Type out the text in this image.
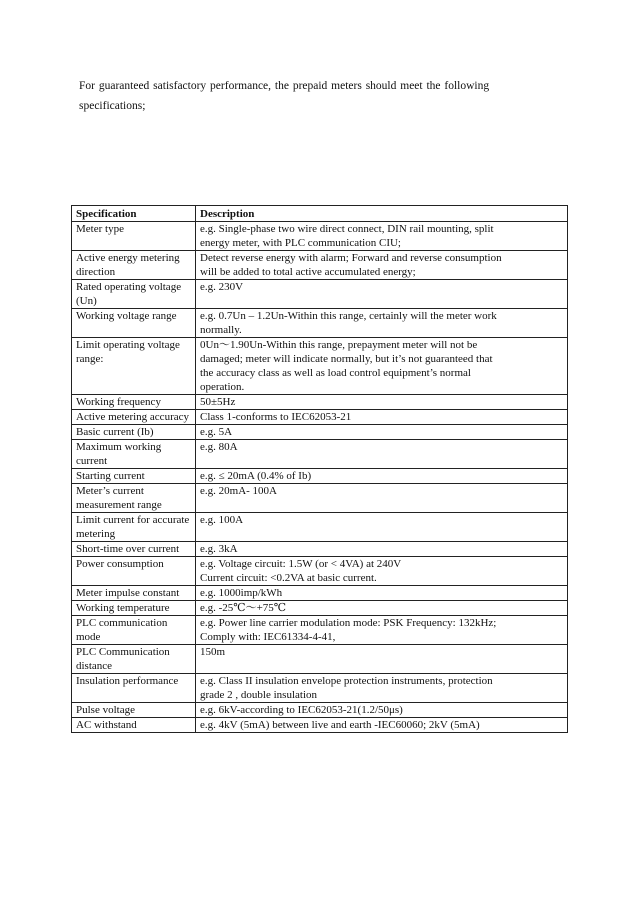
For guaranteed satisfactory performance, the prepaid meters should meet the following
specifications;
Specification	Description
Meter type	e.g. Single-phase two wire direct connect, DIN rail mounting, split
energy meter, with PLC communication CIU;

Active energy metering direction	Detect reverse energy with alarm; Forward and reverse consumption
will be added to total active accumulated energy;

Rated operating voltage (Un)	e.g. 230V

Working voltage range	e.g. 0.7Un – 1.2Un-Within this range, certainly will the meter work
normally.

Limit operating voltage range:	0Un〜1.90Un-Within this range, prepayment meter will not be
damaged; meter will indicate normally, but it’s not guaranteed that
the accuracy class as well as load control equipment’s normal
operation.

Working frequency	50±5Hz

Active metering accuracy	Class 1-conforms to IEC62053-21

Basic current (Ib)	e.g. 5A

Maximum working current	e.g. 80A

Starting current	e.g. ≤ 20mA (0.4% of Ib)

Meter’s current measurement range	e.g. 20mA- 100A

Limit current for accurate metering	e.g. 100A

Short-time over current	e.g. 3kA

Power consumption	e.g. Voltage circuit: 1.5W (or < 4VA) at 240V
Current circuit: <0.2VA at basic current.

Meter impulse constant	e.g. 1000imp/kWh

Working temperature	e.g. -25℃〜+75℃

PLC communication mode	e.g. Power line carrier modulation mode: PSK Frequency: 132kHz;
Comply with: IEC61334-4-41,

PLC Communication distance	150m

Insulation performance	e.g. Class II insulation envelope protection instruments, protection
grade 2 , double insulation

Pulse voltage	e.g. 6kV-according to IEC62053-21(1.2/50μs)

AC withstand	e.g. 4kV (5mA) between live and earth -IEC60060; 2kV (5mA)
